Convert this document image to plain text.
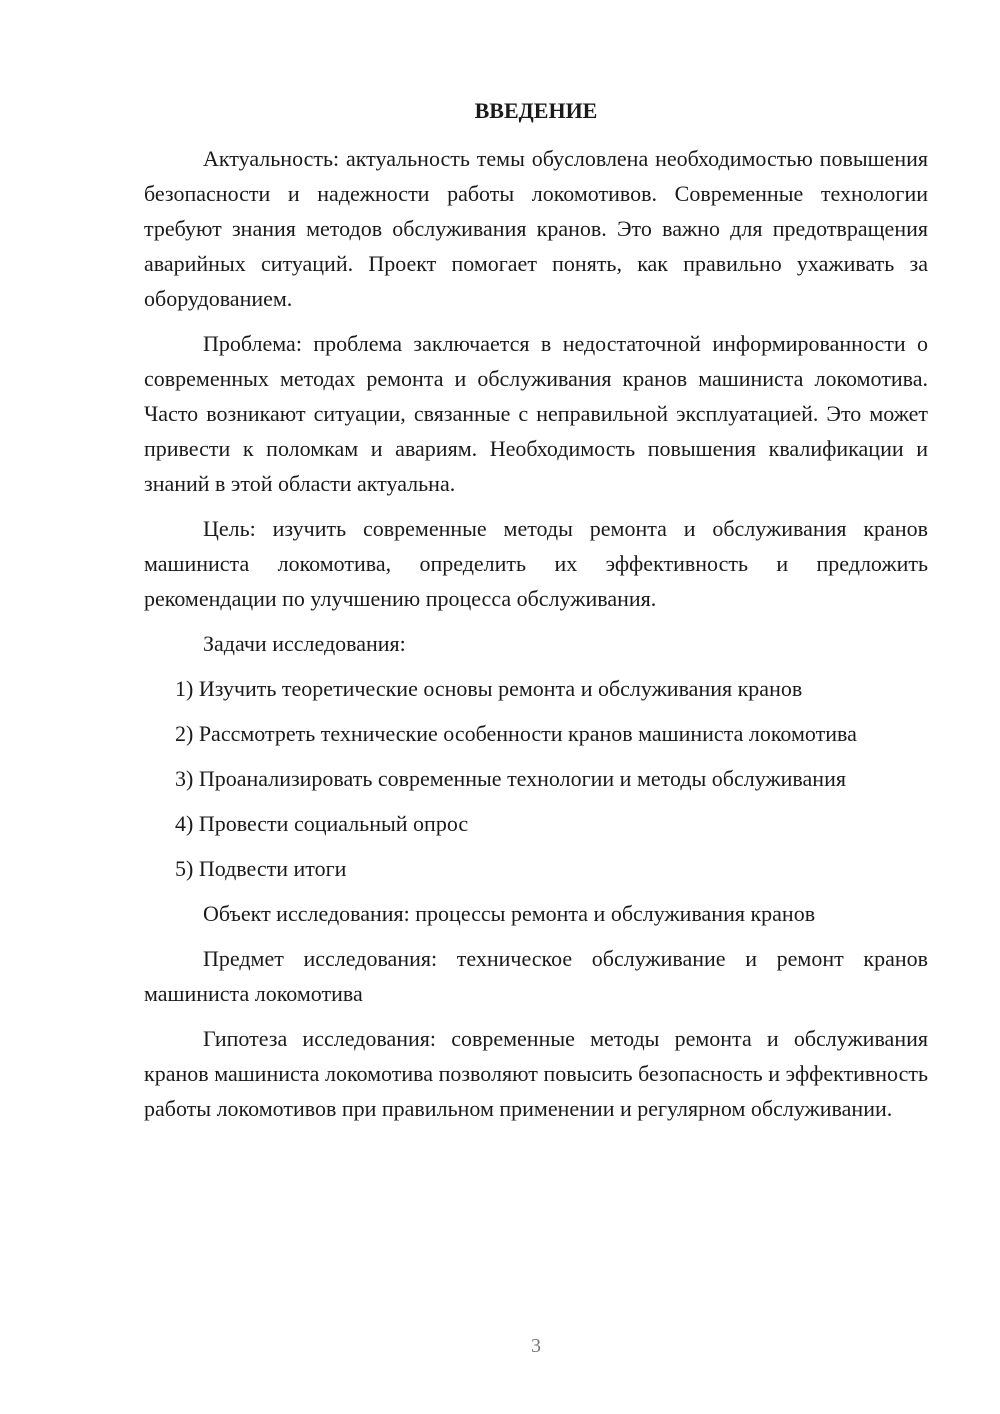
ВВЕДЕНИЕ

Актуальность: актуальность темы обусловлена необходимостью повышения безопасности и надежности работы локомотивов. Современные технологии требуют знания методов обслуживания кранов. Это важно для предотвращения аварийных ситуаций. Проект помогает понять, как правильно ухаживать за оборудованием.

Проблема: проблема заключается в недостаточной информированности о современных методах ремонта и обслуживания кранов машиниста локомотива. Часто возникают ситуации, связанные с неправильной эксплуатацией. Это может привести к поломкам и авариям. Необходимость повышения квалификации и знаний в этой области актуальна.

Цель: изучить современные методы ремонта и обслуживания кранов машиниста локомотива, определить их эффективность и предложить рекомендации по улучшению процесса обслуживания.

Задачи исследования:

1) Изучить теоретические основы ремонта и обслуживания кранов

2) Рассмотреть технические особенности кранов машиниста локомотива

3) Проанализировать современные технологии и методы обслуживания

4) Провести социальный опрос

5) Подвести итоги

Объект исследования: процессы ремонта и обслуживания кранов

Предмет исследования: техническое обслуживание и ремонт кранов машиниста локомотива

Гипотеза исследования: современные методы ремонта и обслуживания кранов машиниста локомотива позволяют повысить безопасность и эффективность работы локомотивов при правильном применении и регулярном обслуживании.

3
